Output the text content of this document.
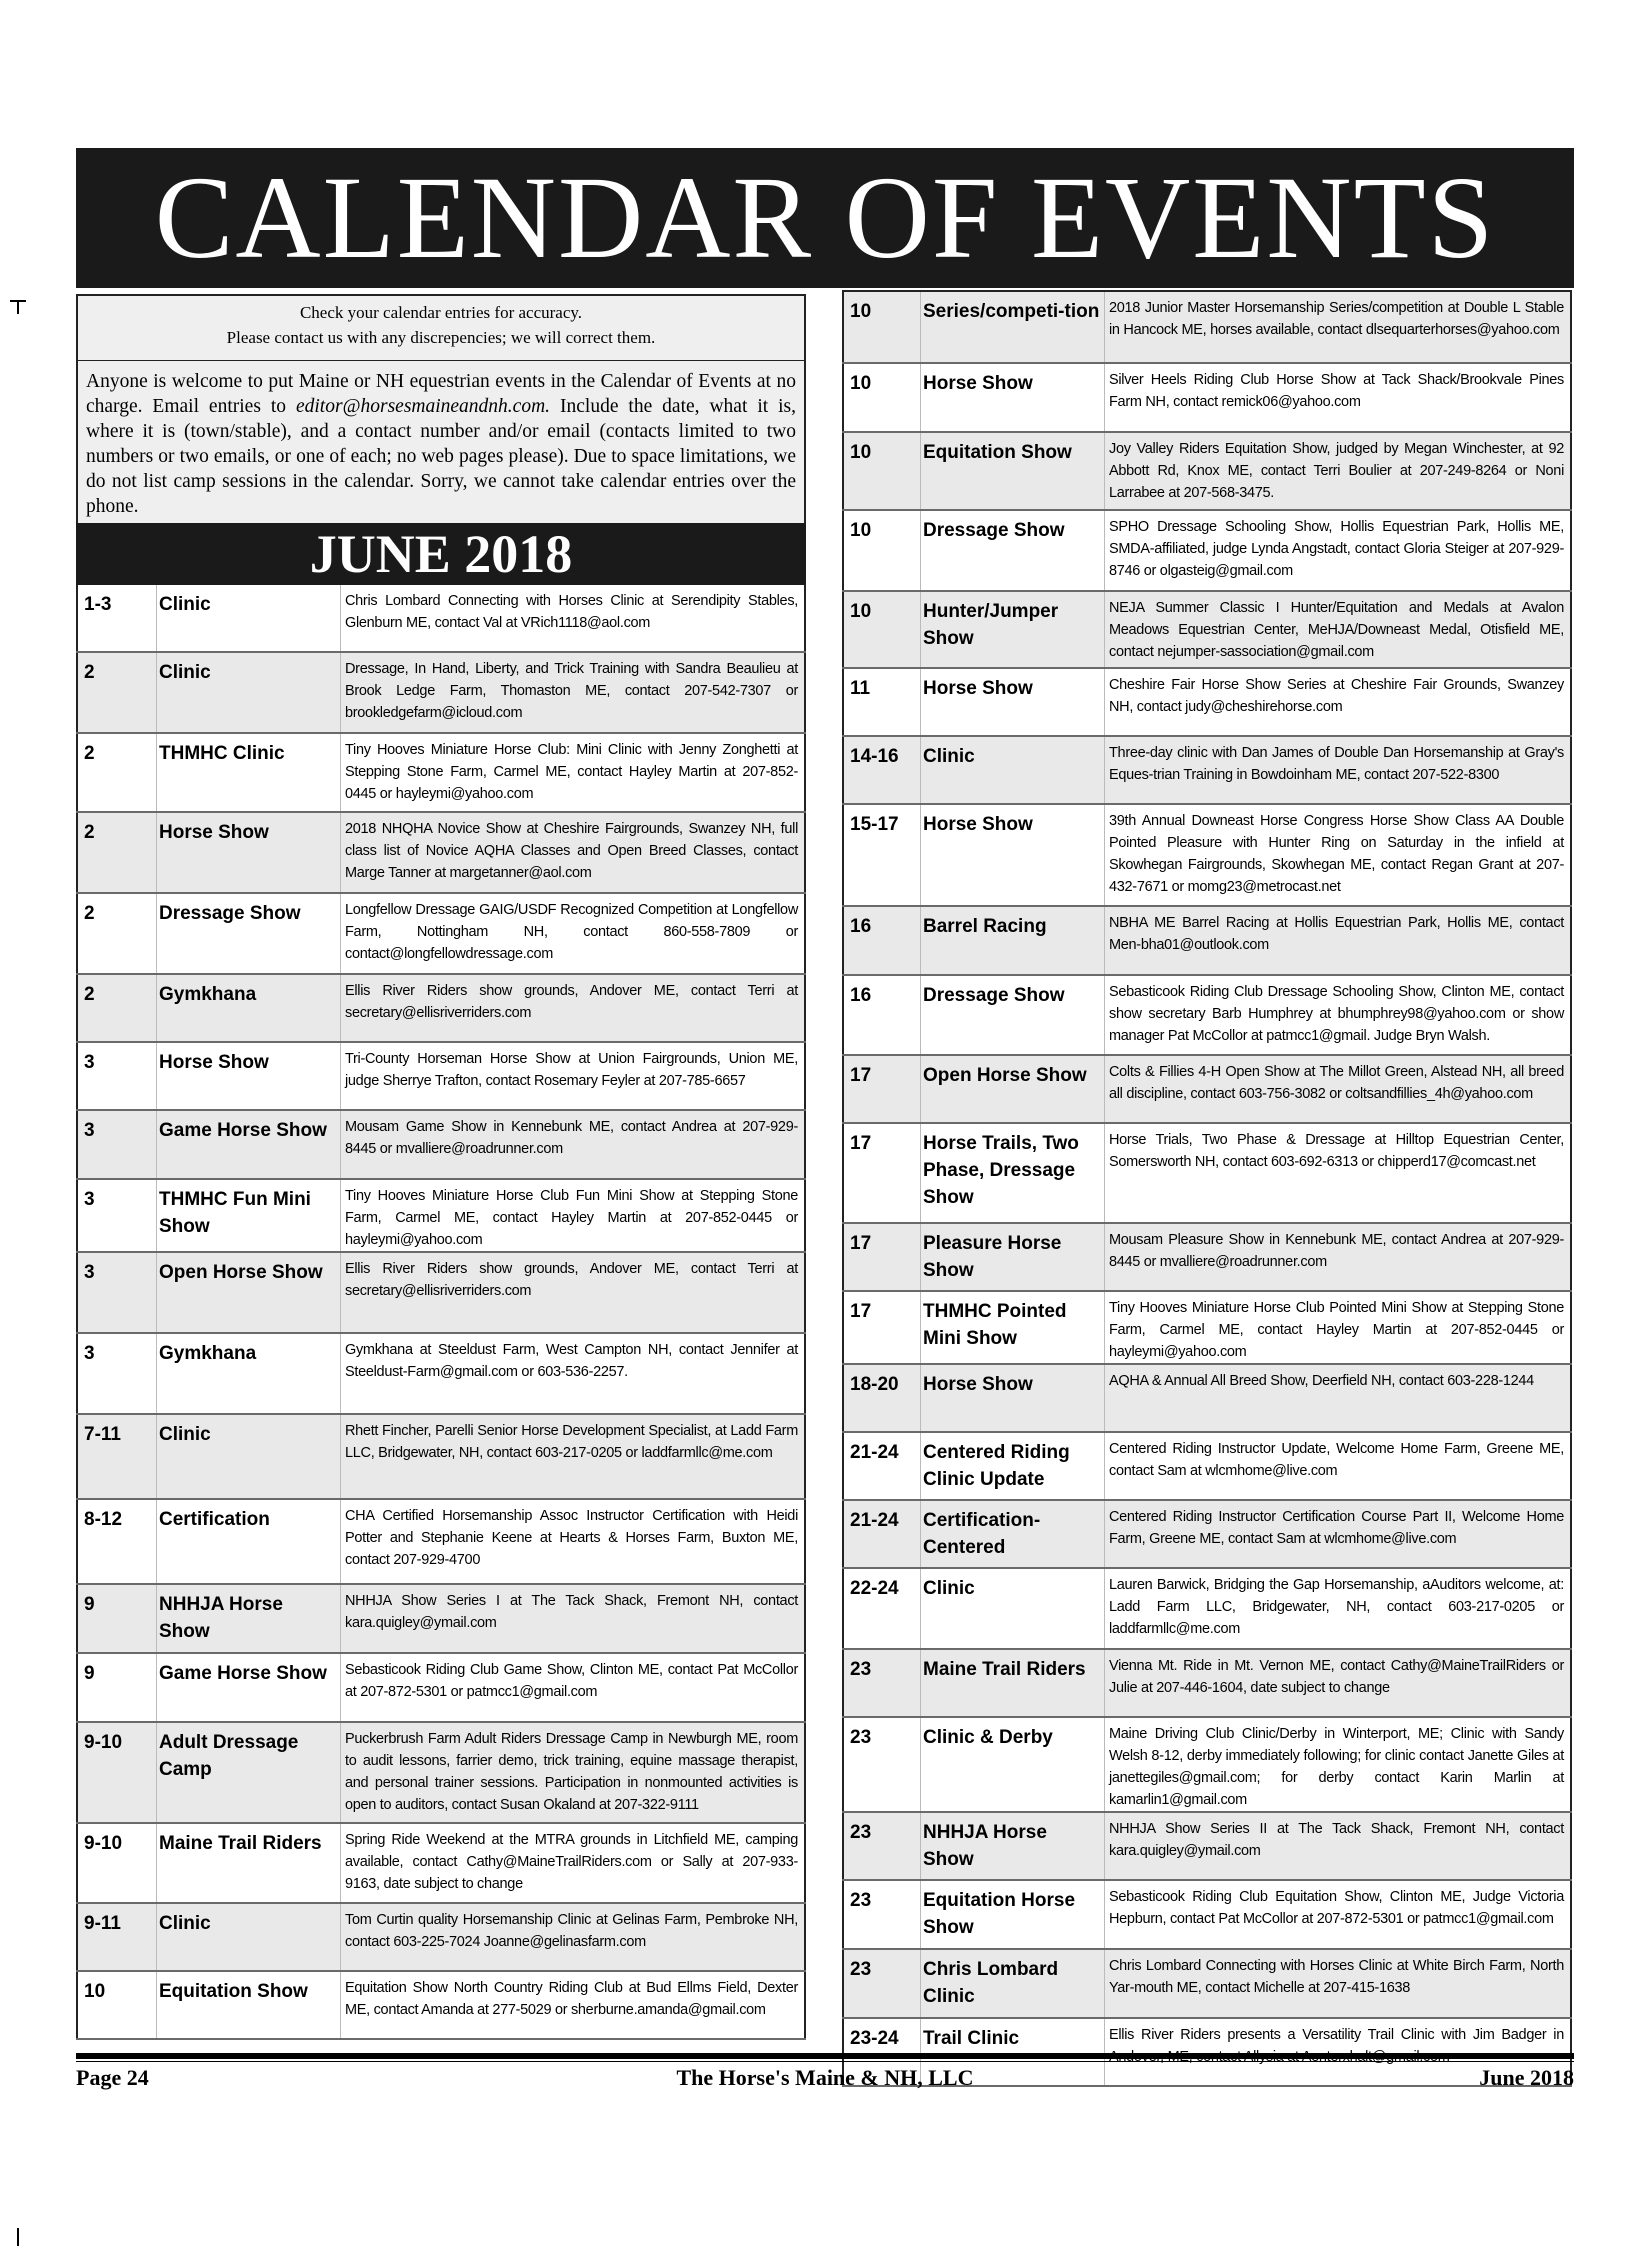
CALENDAR OF EVENTS
Check your calendar entries for accuracy.
Please contact us with any discrepencies; we will correct them.
Anyone is welcome to put Maine or NH equestrian events in the Calendar of Events at no charge. Email entries to editor@horsesmaineandnh.com. Include the date, what it is, where it is (town/stable), and a contact number and/or email (contacts limited to two numbers or two emails, or one of each; no web pages please). Due to space limitations, we do not list camp sessions in the calendar. Sorry, we cannot take calendar entries over the phone.
JUNE 2018
1-3	Clinic	Chris Lombard Connecting with Horses Clinic at Serendipity Stables, Glenburn ME, contact Val at VRich1118@aol.com
2	Clinic	Dressage, In Hand, Liberty, and Trick Training with Sandra Beaulieu at Brook Ledge Farm, Thomaston ME, contact 207-542-7307 or brookledgefarm@icloud.com
2	THMHC Clinic	Tiny Hooves Miniature Horse Club: Mini Clinic with Jenny Zonghetti at Stepping Stone Farm, Carmel ME, contact Hayley Martin at 207-852-0445 or hayleymi@yahoo.com
2	Horse Show	2018 NHQHA Novice Show at Cheshire Fairgrounds, Swanzey NH, full class list of Novice AQHA Classes and Open Breed Classes, contact Marge Tanner at margetanner@aol.com
2	Dressage Show	Longfellow Dressage GAIG/USDF Recognized Competition at Longfellow Farm, Nottingham NH, contact 860-558-7809 or contact@longfellowdressage.com
2	Gymkhana	Ellis River Riders show grounds, Andover ME, contact Terri at secretary@ellisriverriders.com
3	Horse Show	Tri-County Horseman Horse Show at Union Fairgrounds, Union ME, judge Sherrye Trafton, contact Rosemary Feyler at 207-785-6657
3	Game Horse Show	Mousam Game Show in Kennebunk ME, contact Andrea at 207-929-8445 or mvalliere@roadrunner.com
3	THMHC Fun Mini Show	Tiny Hooves Miniature Horse Club Fun Mini Show at Stepping Stone Farm, Carmel ME, contact Hayley Martin at 207-852-0445 or hayleymi@yahoo.com
3	Open Horse Show	Ellis River Riders show grounds, Andover ME, contact Terri at secretary@ellisriverriders.com
3	Gymkhana	Gymkhana at Steeldust Farm, West Campton NH, contact Jennifer at Steeldust-Farm@gmail.com or 603-536-2257.
7-11	Clinic	Rhett Fincher, Parelli Senior Horse Development Specialist, at Ladd Farm LLC, Bridgewater, NH, contact 603-217-0205 or laddfarmllc@me.com
8-12	Certification	CHA Certified Horsemanship Assoc Instructor Certification with Heidi Potter and Stephanie Keene at Hearts & Horses Farm, Buxton ME, contact 207-929-4700
9	NHHJA Horse Show	NHHJA Show Series I at The Tack Shack, Fremont NH, contact kara.quigley@ymail.com
9	Game Horse Show	Sebasticook Riding Club Game Show, Clinton ME, contact Pat McCollor at 207-872-5301 or patmcc1@gmail.com
9-10	Adult Dressage Camp	Puckerbrush Farm Adult Riders Dressage Camp in Newburgh ME, room to audit lessons, farrier demo, trick training, equine massage therapist, and personal trainer sessions. Participation in nonmounted activities is open to auditors, contact Susan Okaland at 207-322-9111
9-10	Maine Trail Riders	Spring Ride Weekend at the MTRA grounds in Litchfield ME, camping available, contact Cathy@MaineTrailRiders.com or Sally at 207-933-9163, date subject to change
9-11	Clinic	Tom Curtin quality Horsemanship Clinic at Gelinas Farm, Pembroke NH, contact 603-225-7024 Joanne@gelinasfarm.com
10	Equitation Show	Equitation Show North Country Riding Club at Bud Ellms Field, Dexter ME, contact Amanda at 277-5029 or sherburne.amanda@gmail.com
10	Series/competi-tion	2018 Junior Master Horsemanship Series/competition at Double L Stable in Hancock ME, horses available, contact dlsequarterhorses@yahoo.com
10	Horse Show	Silver Heels Riding Club Horse Show at Tack Shack/Brookvale Pines Farm NH, contact remick06@yahoo.com
10	Equitation Show	Joy Valley Riders Equitation Show, judged by Megan Winchester, at 92 Abbott Rd, Knox ME, contact Terri Boulier at 207-249-8264 or Noni Larrabee at 207-568-3475.
10	Dressage Show	SPHO Dressage Schooling Show, Hollis Equestrian Park, Hollis ME, SMDA-affiliated, judge Lynda Angstadt, contact Gloria Steiger at 207-929-8746 or olgasteig@gmail.com
10	Hunter/Jumper Show	NEJA Summer Classic I Hunter/Equitation and Medals at Avalon Meadows Equestrian Center, MeHJA/Downeast Medal, Otisfield ME, contact nejumper-sassociation@gmail.com
11	Horse Show	Cheshire Fair Horse Show Series at Cheshire Fair Grounds, Swanzey NH, contact judy@cheshirehorse.com
14-16	Clinic	Three-day clinic with Dan James of Double Dan Horsemanship at Gray's Eques-trian Training in Bowdoinham ME, contact 207-522-8300
15-17	Horse Show	39th Annual Downeast Horse Congress Horse Show Class AA Double Pointed Pleasure with Hunter Ring on Saturday in the infield at Skowhegan Fairgrounds, Skowhegan ME, contact Regan Grant at 207-432-7671 or momg23@metrocast.net
16	Barrel Racing	NBHA ME Barrel Racing at Hollis Equestrian Park, Hollis ME, contact Men-bha01@outlook.com
16	Dressage Show	Sebasticook Riding Club Dressage Schooling Show, Clinton ME, contact show secretary Barb Humphrey at bhumphrey98@yahoo.com or show manager Pat McCollor at patmcc1@gmail. Judge Bryn Walsh.
17	Open Horse Show	Colts & Fillies 4-H Open Show at The Millot Green, Alstead NH, all breed all discipline, contact 603-756-3082 or coltsandfillies_4h@yahoo.com
17	Horse Trails, Two Phase, Dressage Show	Horse Trials, Two Phase & Dressage at Hilltop Equestrian Center, Somersworth NH, contact 603-692-6313 or chipperd17@comcast.net
17	Pleasure Horse Show	Mousam Pleasure Show in Kennebunk ME, contact Andrea at 207-929-8445 or mvalliere@roadrunner.com
17	THMHC Pointed Mini Show	Tiny Hooves Miniature Horse Club Pointed Mini Show at Stepping Stone Farm, Carmel ME, contact Hayley Martin at 207-852-0445 or hayleymi@yahoo.com
18-20	Horse Show	AQHA & Annual All Breed Show, Deerfield NH, contact 603-228-1244
21-24	Centered Riding Clinic Update	Centered Riding Instructor Update, Welcome Home Farm, Greene ME, contact Sam at wlcmhome@live.com
21-24	Certification-Centered	Centered Riding Instructor Certification Course Part II, Welcome Home Farm, Greene ME, contact Sam at wlcmhome@live.com
22-24	Clinic	Lauren Barwick, Bridging the Gap Horsemanship, aAuditors welcome, at: Ladd Farm LLC, Bridgewater, NH, contact 603-217-0205 or laddfarmllc@me.com
23	Maine Trail Riders	Vienna Mt. Ride in Mt. Vernon ME, contact Cathy@MaineTrailRiders or Julie at 207-446-1604, date subject to change
23	Clinic & Derby	Maine Driving Club Clinic/Derby in Winterport, ME; Clinic with Sandy Welsh 8-12, derby immediately following; for clinic contact Janette Giles at janettegiles@gmail.com; for derby contact Karin Marlin at kamarlin1@gmail.com
23	NHHJA Horse Show	NHHJA Show Series II at The Tack Shack, Fremont NH, contact kara.quigley@ymail.com
23	Equitation Horse Show	Sebasticook Riding Club Equitation Show, Clinton ME, Judge Victoria Hepburn, contact Pat McCollor at 207-872-5301 or patmcc1@gmail.com
23	Chris Lombard Clinic	Chris Lombard Connecting with Horses Clinic at White Birch Farm, North Yar-mouth ME, contact Michelle at 207-415-1638
23-24	Trail Clinic	Ellis River Riders presents a Versatility Trail Clinic with Jim Badger in
Page 24	The Horse's Maine & NH, LLC	June 2018
